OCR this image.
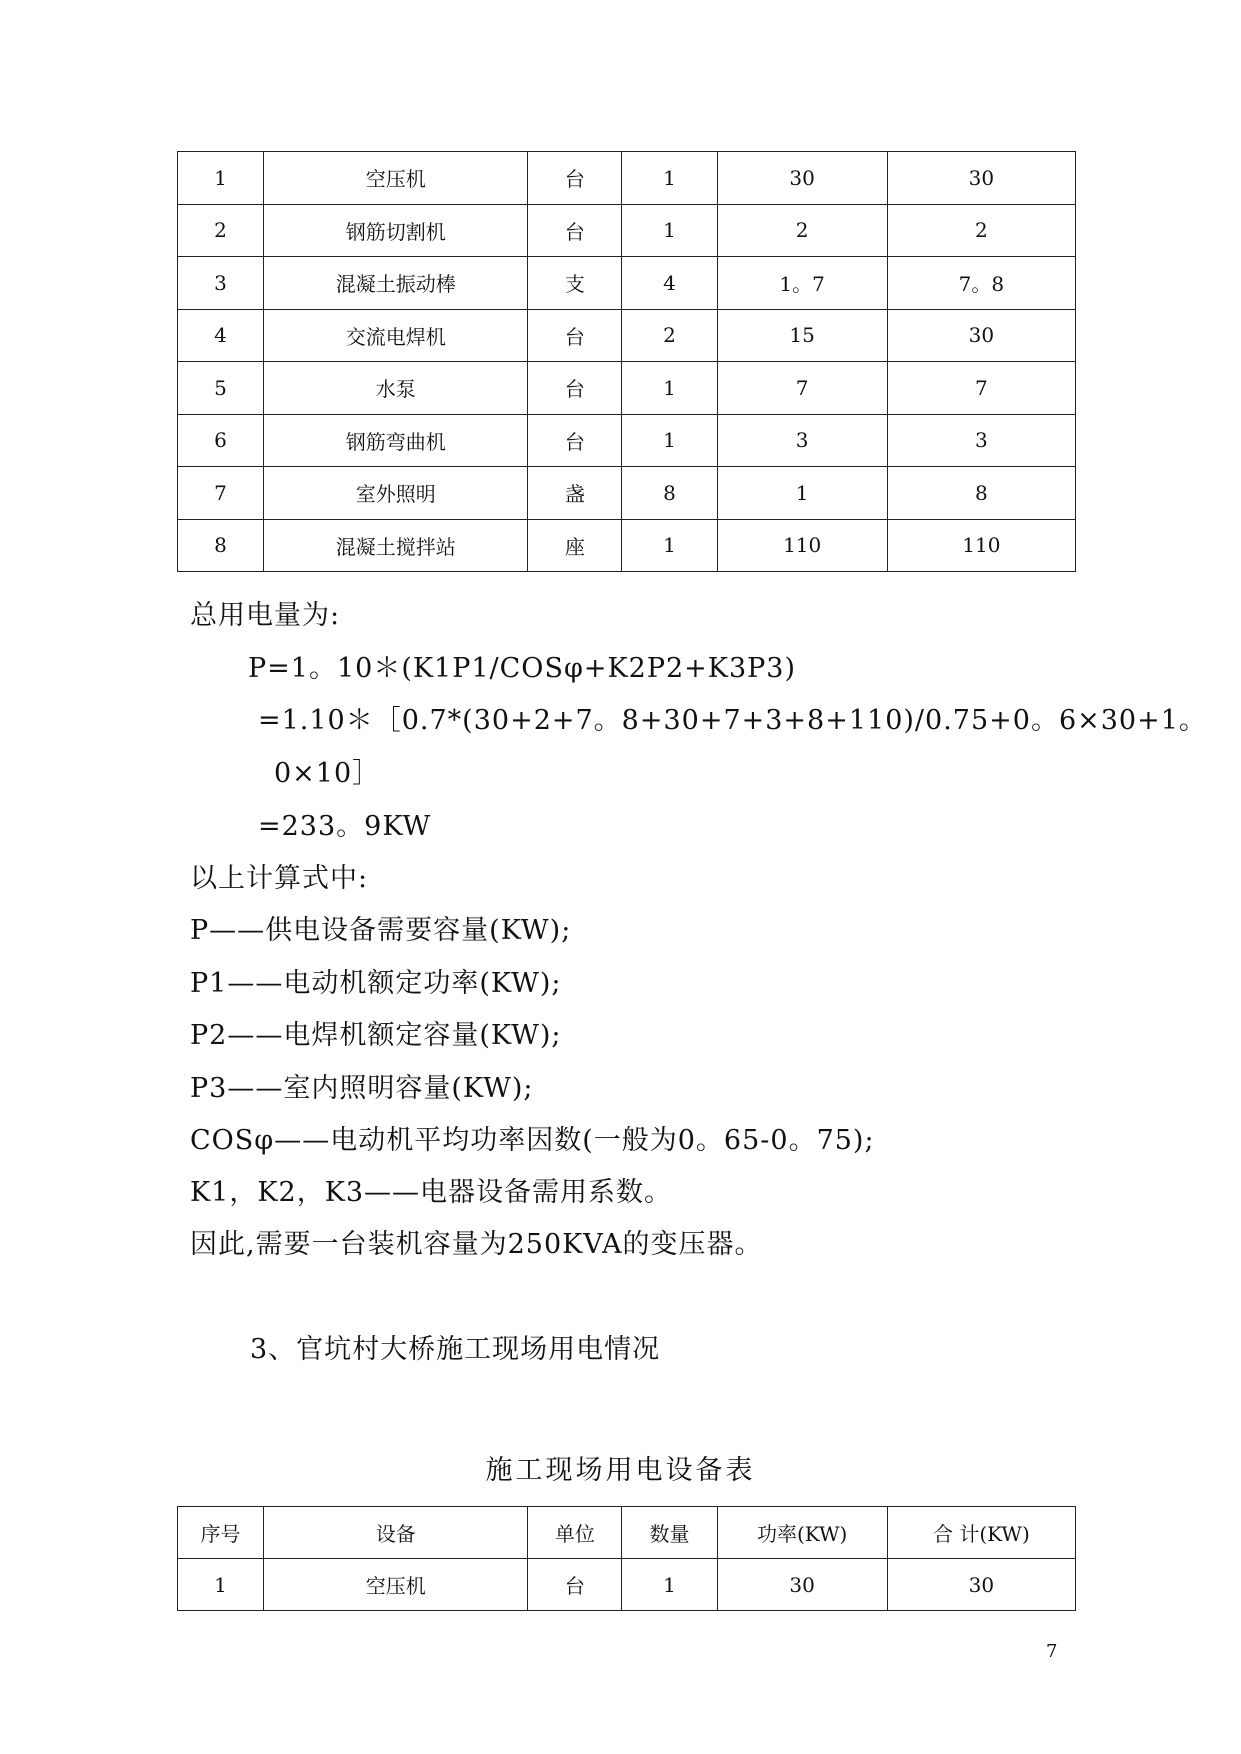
1	空压机	台	1	30	30
2	钢筋切割机	台	1	2	2
3	混凝土振动棒	支	4	1。7	7。8
4	交流电焊机	台	2	15	30
5	水泵	台	1	7	7
6	钢筋弯曲机	台	1	3	3
7	室外照明	盏	8	1	8
8	混凝土搅拌站	座	1	110	110
总用电量为:
P=1。10＊(K1P1/COSφ+K2P2+K3P3)
=1.10＊［0.7*(30+2+7。8+30+7+3+8+110)/0.75+0。6×30+1。
0×10］
=233。9KW
以上计算式中:
P——供电设备需要容量(KW);
P1——电动机额定功率(KW);
P2——电焊机额定容量(KW);
P3——室内照明容量(KW);
COSφ——电动机平均功率因数(一般为0。65-0。75);
K1，K2，K3——电器设备需用系数。
因此,需要一台装机容量为250KVA的变压器。
3、官坑村大桥施工现场用电情况
施工现场用电设备表
序号	设备	单位	数量	功率(KW)	合 计(KW)
1	空压机	台	1	30	30
7
